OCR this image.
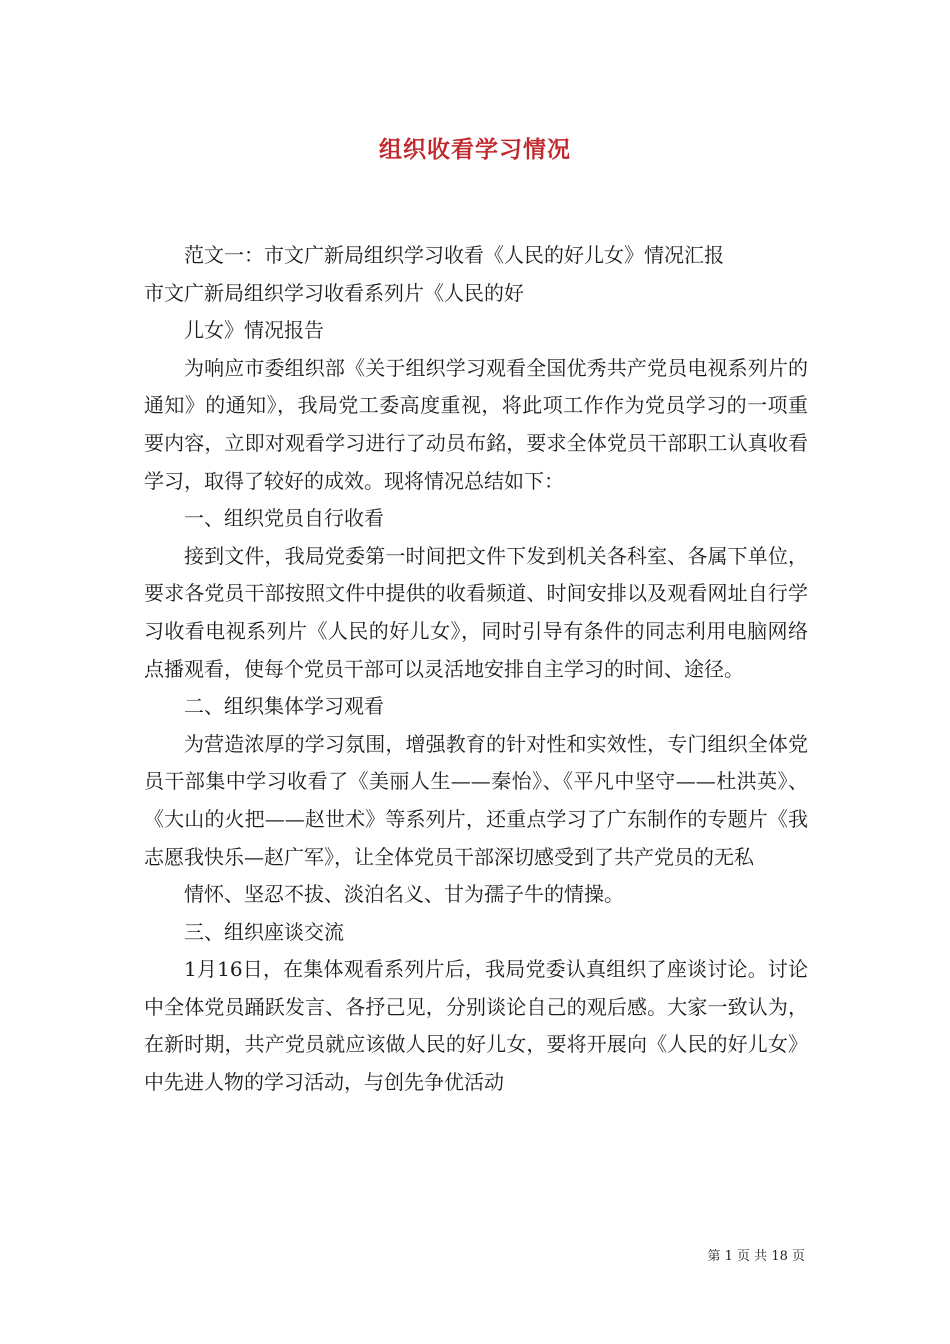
组织收看学习情况

范文一：市文广新局组织学习收看《人民的好儿女》情况汇报

市文广新局组织学习收看系列片《人民的好

儿女》情况报告

为响应市委组织部《关于组织学习观看全国优秀共产党员电视系列片的通知》的通知》，我局党工委高度重视，将此项工作作为党员学习的一项重要内容，立即对观看学习进行了动员布銘，要求全体党员干部职工认真收看学习，取得了较好的成效。现将情况总结如下：

一、组织党员自行收看

接到文件，我局党委第一时间把文件下发到机关各科室、各属下单位，要求各党员干部按照文件中提供的收看频道、时间安排以及观看网址自行学习收看电视系列片《人民的好儿女》，同时引导有条件的同志利用电脑网络点播观看，使每个党员干部可以灵活地安排自主学习的时间、途径。

二、组织集体学习观看

为营造浓厚的学习氛围，增强教育的针对性和实效性，专门组织全体党员干部集中学习收看了《美丽人生——秦怡》、《平凡中坚守——杜洪英》、《大山的火把——赵世术》等系列片，还重点学习了广东制作的专题片《我志愿我快乐—赵广军》，让全体党员干部深切感受到了共产党员的无私

情怀、坚忍不拔、淡泊名义、甘为孺子牛的情操。

三、组织座谈交流

1月16日，在集体观看系列片后，我局党委认真组织了座谈讨论。讨论中全体党员踊跃发言、各抒己见，分别谈论自己的观后感。大家一致认为，在新时期，共产党员就应该做人民的好儿女，要将开展向《人民的好儿女》中先进人物的学习活动，与创先争优活动

第 1 页 共 18 页
